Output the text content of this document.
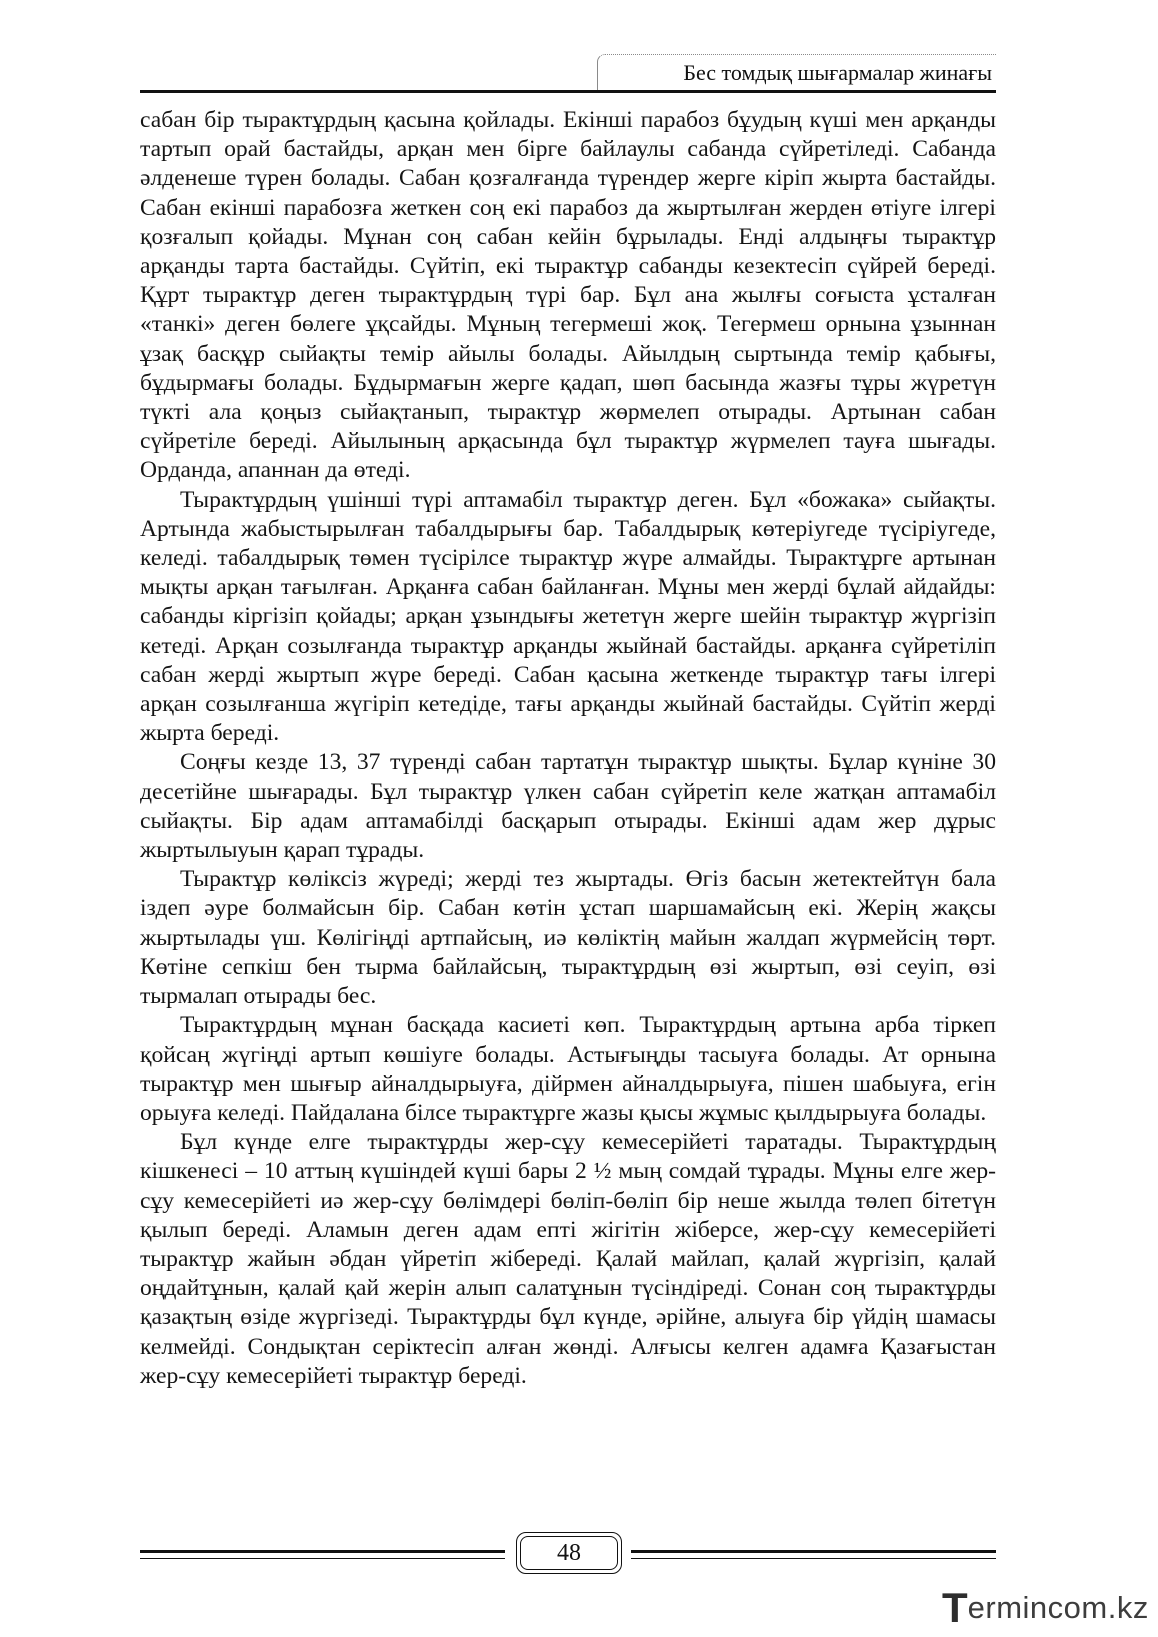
Бес томдық шығармалар жинағы

сабан бір тырактұрдың қасына қойлады. Екінші парабоз бұудың күші мен арқанды тартып орай бастайды, арқан мен бірге байлаулы сабанда сүйретіледі. Сабанда әлденеше түрен болады. Сабан қозғалғанда түрендер жерге кіріп жырта бастайды. Сабан екінші парабозға жеткен соң екі парабоз да жыртылған жерден өтіуге ілгері қозғалып қойады. Мұнан соң сабан кейін бұрылады. Енді алдыңғы тырактұр арқанды тарта бастайды. Сүйтіп, екі тырактұр сабанды кезектесіп сүйрей береді. Құрт тырактұр деген тырактұрдың түрі бар. Бұл ана жылғы соғыста ұсталған «танкі» деген бөлеге ұқсайды. Мұның тегермеші жоқ. Тегермеш орнына ұзыннан ұзақ басқұр сыйақты темір айылы болады. Айылдың сыртында темір қабығы, бұдырмағы болады. Бұдырмағын жерге қадап, шөп басында жазғы тұры жүретүн түкті ала қоңыз сыйақтанып, тырактұр жөрмелеп отырады. Артынан сабан сүйретіле береді. Айылының арқасында бұл тырактұр жүрмелеп тауға шығады. Орданда, апаннан да өтеді.

Тырактұрдың үшінші түрі аптамабіл тырактұр деген. Бұл «божака» сыйақты. Артында жабыстырылған табалдырығы бар. Табалдырық көтеріугеде түсіріугеде, келеді. табалдырық төмен түсірілсе тырактұр жүре алмайды. Тырактұрге артынан мықты арқан тағылған. Арқанға сабан байланған. Мұны мен жерді бұлай айдайды: сабанды кіргізіп қойады; арқан ұзындығы жететүн жерге шейін тырактұр жүргізіп кетеді. Арқан созылғанда тырактұр арқанды жыйнай бастайды. арқанға сүйретіліп сабан жерді жыртып жүре береді. Сабан қасына жеткенде тырактұр тағы ілгері арқан созылғанша жүгіріп кетедіде, тағы арқанды жыйнай бастайды. Сүйтіп жерді жырта береді.

Соңғы кезде 13, 37 түренді сабан тартатұн тырактұр шықты. Бұлар күніне 30 десетійне шығарады. Бұл тырактұр үлкен сабан сүйретіп келе жатқан аптамабіл сыйақты. Бір адам аптамабілді басқарып отырады. Екінші адам жер дұрыс жыртылыуын қарап тұрады.

Тырактұр көліксіз жүреді; жерді тез жыртады. Өгіз басын жетектейтүн бала іздеп әуре болмайсын бір. Сабан көтін ұстап шаршамайсың екі. Жерің жақсы жыртылады үш. Көлігіңді артпайсың, иә көліктің майын жалдап жүрмейсің төрт. Көтіне сепкіш бен тырма байлайсың, тырактұрдың өзі жыртып, өзі сеуіп, өзі тырмалап отырады бес.

Тырактұрдың мұнан басқада касиеті көп. Тырактұрдың артына арба тіркеп қойсаң жүгіңді артып көшіуге болады. Астығыңды тасыуға болады. Ат орнына тырактұр мен шығыр айналдырыуға, дійрмен айналдырыуға, пішен шабыуға, егін орыуға келеді. Пайдалана білсе тырактұрге жазы қысы жұмыс қылдырыуға болады.

Бұл күнде елге тырактұрды жер-сұу кемесерійеті таратады. Тырактұрдың кішкенесі – 10 аттың күшіндей күші бары 2 ½ мың сомдай тұрады. Мұны елге жер-сұу кемесерійеті иә жер-сұу бөлімдері бөліп-бөліп бір неше жылда төлеп бітетүн қылып береді. Аламын деген адам епті жігітін жіберсе, жер-сұу кемесерійеті тырактұр жайын әбдан үйретіп жібереді. Қалай майлап, қалай жүргізіп, қалай оңдайтұнын, қалай қай жерін алып салатұнын түсіндіреді. Сонан соң тырактұрды қазақтың өзіде жүргізеді. Тырактұрды бұл күнде, әрійне, алыуға бір үйдің шамасы келмейді. Сондықтан серіктесіп алған жөнді. Алғысы келген адамға Қазағыстан жер-сұу кемесерійеті тырактұр береді.

48
Termincom.kz
